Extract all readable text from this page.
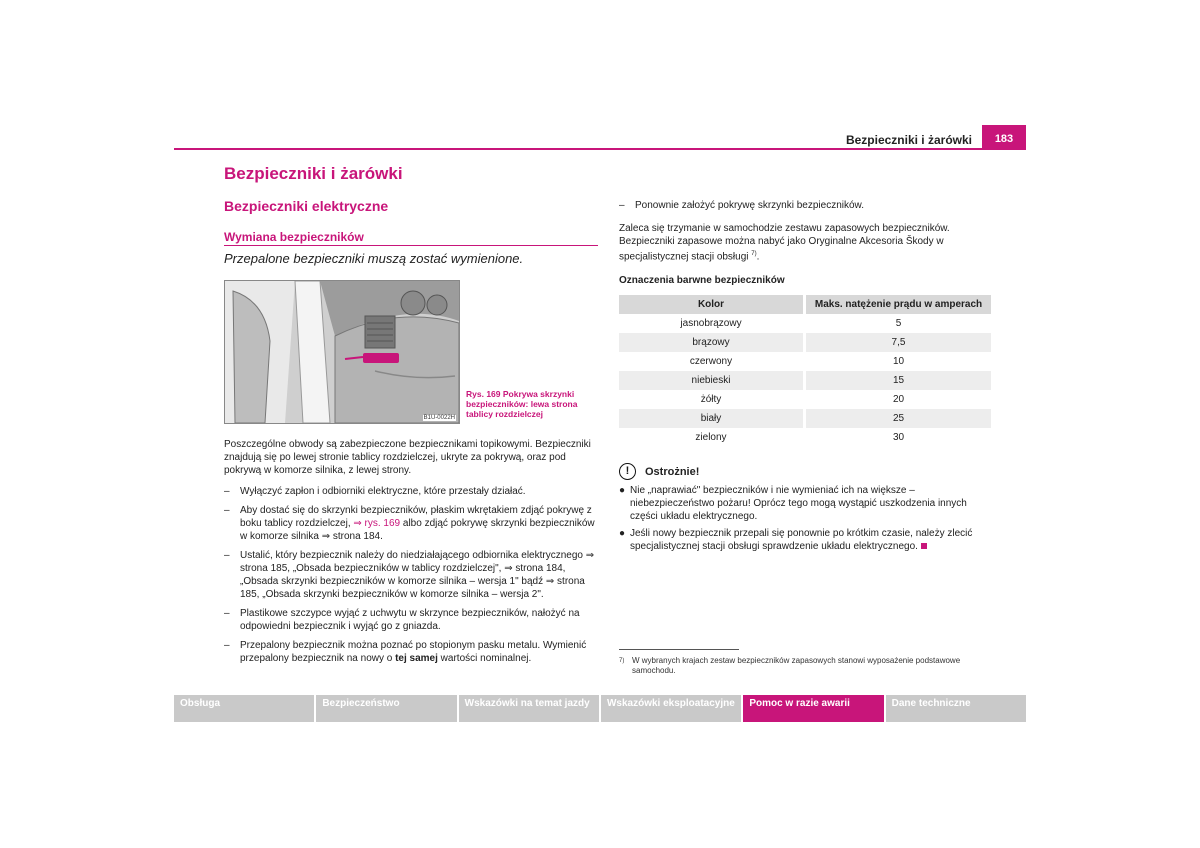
Bezpieczniki i żarówki	183
Bezpieczniki i żarówki
Bezpieczniki elektryczne
Wymiana bezpieczników
Przepalone bezpieczniki muszą zostać wymienione.
B1U-0022H
Rys. 169 Pokrywa skrzynki bezpieczników: lewa strona tablicy rozdzielczej
Poszczególne obwody są zabezpieczone bezpiecznikami topikowymi. Bezpieczniki znajdują się po lewej stronie tablicy rozdzielczej, ukryte za pokrywą, oraz pod pokrywą w komorze silnika, z lewej strony.
–	Wyłączyć zapłon i odbiorniki elektryczne, które przestały działać.
–	Aby dostać się do skrzynki bezpieczników, płaskim wkrętakiem zdjąć pokrywę z boku tablicy rozdzielczej, ⇒ rys. 169 albo zdjąć pokrywę skrzynki bezpieczników w komorze silnika ⇒ strona 184.
–	Ustalić, który bezpiecznik należy do niedziałającego odbiornika elektrycznego ⇒ strona 185, „Obsada bezpieczników w tablicy rozdzielczej", ⇒ strona 184, „Obsada skrzynki bezpieczników w komorze silnika – wersja 1" bądź ⇒ strona 185, „Obsada skrzynki bezpieczników w komorze silnika – wersja 2".
–	Plastikowe szczypce wyjąć z uchwytu w skrzynce bezpieczników, nałożyć na odpowiedni bezpiecznik i wyjąć go z gniazda.
–	Przepalony bezpiecznik można poznać po stopionym pasku metalu. Wymienić przepalony bezpiecznik na nowy o tej samej wartości nominalnej.
–	Ponownie założyć pokrywę skrzynki bezpieczników.
Zaleca się trzymanie w samochodzie zestawu zapasowych bezpieczników. Bezpieczniki zapasowe można nabyć jako Oryginalne Akcesoria Škody w specjalistycznej stacji obsługi $^{7)}$.
Oznaczenia barwne bezpieczników
Kolor	Maks. natężenie prądu w amperach
jasnobrązowy	5
brązowy	7,5
czerwony	10
niebieski	15
żółty	20
biały	25
zielony	30
!	Ostrożnie!
● Nie „naprawiać" bezpieczników i nie wymieniać ich na większe – niebezpieczeństwo pożaru! Oprócz tego mogą wystąpić uszkodzenia innych części układu elektrycznego.
● Jeśli nowy bezpiecznik przepali się ponownie po krótkim czasie, należy zlecić specjalistycznej stacji obsługi sprawdzenie układu elektrycznego.
7) W wybranych krajach zestaw bezpieczników zapasowych stanowi wyposażenie podstawowe samochodu.
Obsługa	Bezpieczeństwo	Wskazówki na temat jazdy	Wskazówki eksploatacyjne	Pomoc w razie awarii	Dane techniczne
